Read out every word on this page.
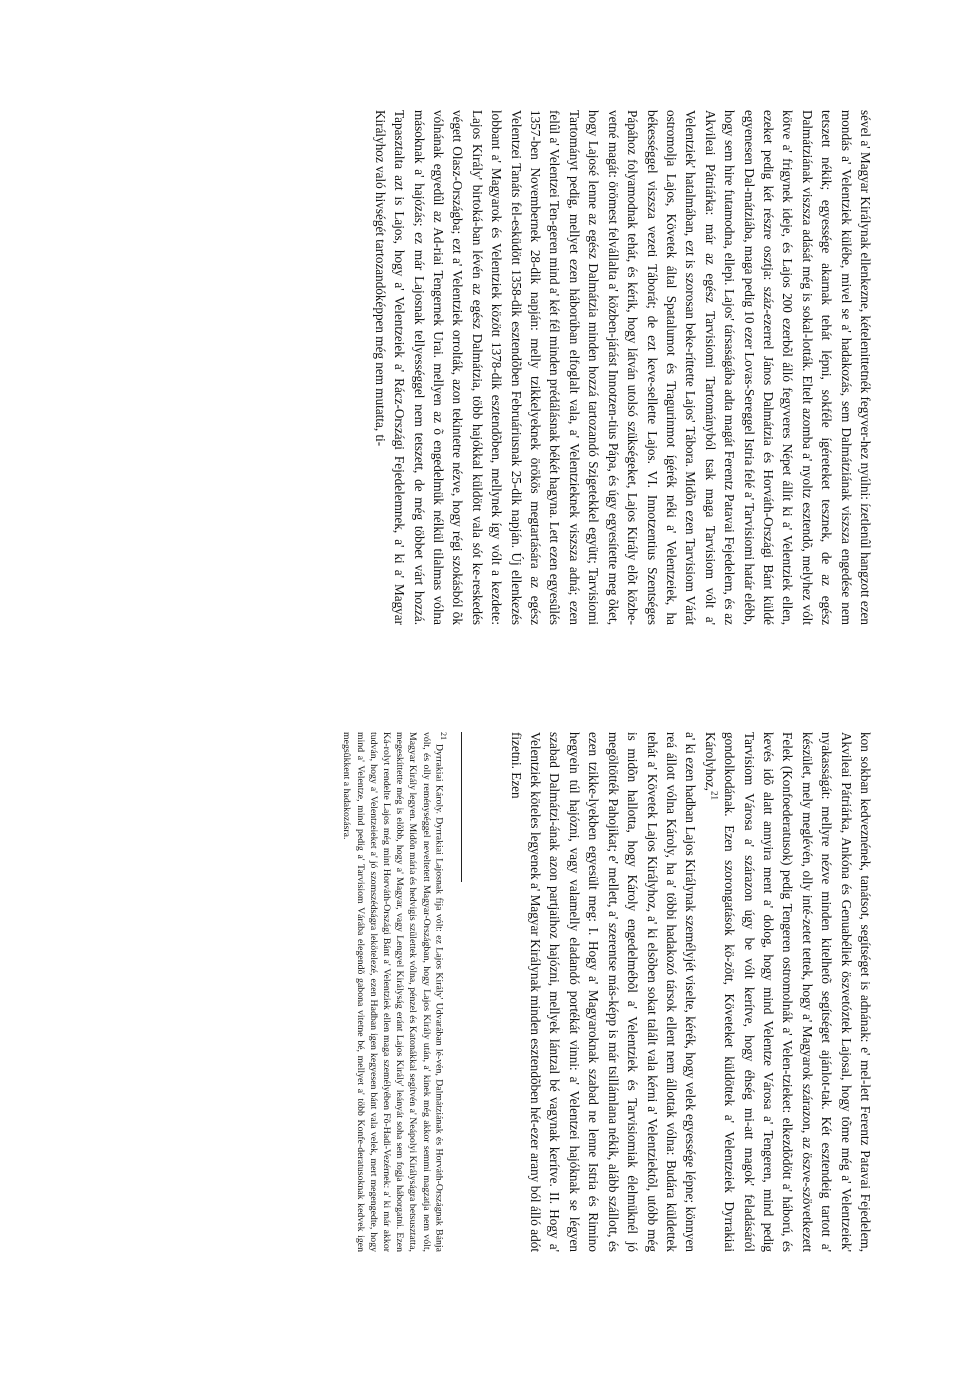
sével a' Magyar Királynak ellenkezne, kételenittetnék fegyver-hez nyúlni: ízetlenûl hangzott ezen mondás a' Velentziek külébe, mivel se a' hadakozás, sem Dalmátziának viszsza engedése nem tetszett nékik; egyessége akarnak tehát lépni, sokféle ígéreteket tesznek, de az egész Dalmátziának viszsza adását még is sokal-lották. Eltelt azomba a' nyoltz esztendõ, melyhez vólt kötve a' frigynek ideje, és Lajos 200 ezerbõl álló fegyveres Népet állít ki a' Velentziek ellen, ezeket pedig két részre osztja: száz-ezerrel János Dalmátzia és Horváth-Országi Bánt küldé egyenesen Dal-mátziába, maga pedig 10 ezer Lovas-Sereggel Istria felé a' Tarvisiomi határ elébb, hogy sem hire futamodna, ellepi. Lajos' társaságába adta magát Ferentz Patavai Fejedelem, és az Akvileai Pátriárka: már az egész Tarvisiomi Tartományból tsak maga Tarvisiom vólt a' Velentziek' hatalmában, ezt is szorosan beke-ríttette Lajos' Tábora. Midõn ezen Tarvisiom Várát ostromolja Lajos, Követek által Spatalumot és Tragurinmot ígérék néki a' Velentzeiek, ha békességgel viszsza vezeti Táborát; de ezt keve-sellette Lajos. VI. Innotzentius Szentséges Pápához folyamodnak tehát, és kérik, hogy látván utolsó szükségeket, Lajos Király elõt közbe-vetné magát: örömest felvállalta a' közben-járást Innotzen-tius Pápa, és úgy egyesítette meg õket, hogy Lajosé lenne az egész Dalmátzia minden hozzá tartozandó Szigetekkel együtt; Tarvisiomi Tartományt pedig, mellyet ezen háborúban elfoglalt vala, a' Velentzieknek viszsza adná; ezen felûl a' Velentzei Ten-geren mind a' két fél minden prédálásnak békét hagyna. Lett ezen egyesûlés 1357-ben Novembernek 28-dik napján: melly tzikkelyeknek örökös megtartására az egész Velentzei Tanáts fel-esküdött 1358-dik esztendõben Februáriusnak 25-dik napján. Új ellenkezés lobbant a' Magyarok és Velentziek között 1378-dik esztendõben, mellynek így vólt a kezdete: Lajos Király' birtoká-ban lévén az egész Dalmátzia, több hajókkal küldött vala sót ke-reskedés végett Olasz-Országba; ezt a' Velentziek orrolták, azon tekintetre nézve, hogy régi szokásból õk vólnának egyedûl az Ad-riai Tengernek Urai. mellyen az õ engedelmük nélkül tilalmas vólna másoknak a' hajózás; ez már Lajosnak tellyességgel nem tetszett, de még többet várt hozzá. Tapasztalta azt is Lajos, hogy a' Velentzeiek a' Rácz-Országi Fejedelemnek, a' ki a' Magyar Királyhoz való hivségét tartozandóképpen még nem mutatta, ti-

kon sokban kedveznének, tanátsot, segítséget is adnának: e' mel-lett Ferentz Patavai Fejedelem, Akvileai Pátriárka, Ankóna és Genuabéliek öszvetóztek Lajosal, hogy tõme még a' Velentzeiek' nyakasságát: mellyre nézve minden kitelhetõ segítséget ajánlot-tak. Két esztendeig tartott a' készület, mely meglévén, olly inté-zetet tettek, hogy a' Magyarok szárazon, az öszve-szövetkezett Felek (Konfoederatusok) pedig Tengeren ostromolnák a' Velen-tzieket: elkezdõdött a' háború, és kevés idõ alatt annyira ment a' dolog, hogy mind Velentze Városa a' Tengeren, mind pedig Tarvisiom Városa a' szárazon úgy be vólt kerítve, hogy éhség mi-att magok' feladásáról gondolkodának. Ezen szorongatások kö-zött, Követeket küldöttek a' Velentzeiek Dyrrakiai Károlyhoz,$^{21}$

a' ki ezen hadban Lajos Királynak személyjét viselte, kérék, hogy velek egyessége lépne; könnyen reá állott vólna Károly, ha a' többi hadakozó társok ellent nem állottak vólna: Budára küldettek tehát a' Követek Lajos Királyhoz, a' ki elsõben sokat talált vala kérni a' Velentziektõl, utóbb még is midõn hallotta, hogy Károly engedelmébõl a' Velentziek és Tarvisiomiak élelmüknél jó megöltötték Pahojikat; e' mellett, a' szerentse más-képp is már tsillámlana nékik, alább szállott, és ezen tzikke-lyekben egyesült meg: I. Hogy a' Magyaroknak szabad ne lenne Istria és Rimino hegyein túl hajózni, vagy valamelly eladandó portékát vinni: a' Velentzei hajóknak se légyen szabad Dalmátzi-ának azon partjaihoz hajózni, mellyek lántzal bé vagynak kerítve. II. Hogy a' Velentziek köteles legyenek a' Magyar Királynak minden esztendõben hét-ezer arany ból álló adót fizetni. Ezen

$^{21}$Dyrrakiai Károly. Dyrrakiai Lajosnak fija vólt: ez Lajos Király' Udvarában lé-vén, Dalmátziának és Horváth-Országnak Bánja vólt, és olly reménységgel neveltetett Magyar-Országban, hogy Lajos Király után, a' kinek még akkor semmi magzatja nem vólt, Magyar Király legyen. Midõn mária és hedvigis születtek vólna, pénzel és Katonákkal segítvén a' Neápolyi Királyságra betsusztatta, megeskíttette még is elõbb, hogy a' Magyar, vagy Lengyel Királyság eránt Lajos Király' leányát soha sem fogja háborgatni. Ezen Ká-rolyt rendelte Lajos még mint Horváth-Országi Bánt a' Velentziek ellen maga személyében Fõ-Hadi-Vezérnek: a' ki már akkor tudván, hogy a' Velentzeieket a' jó szomszédságra lekötelezé, ezen Hadban igen kegyesen bánt vala velek, mert megengedte, hogy mind a' Velentze, mind pedig a' Tarvisiom Várába elegendõ gabona vitetne bé, mellyet a' több Konfe-deratusoknak kedvek igen megsûkkent a hadakozásra.
